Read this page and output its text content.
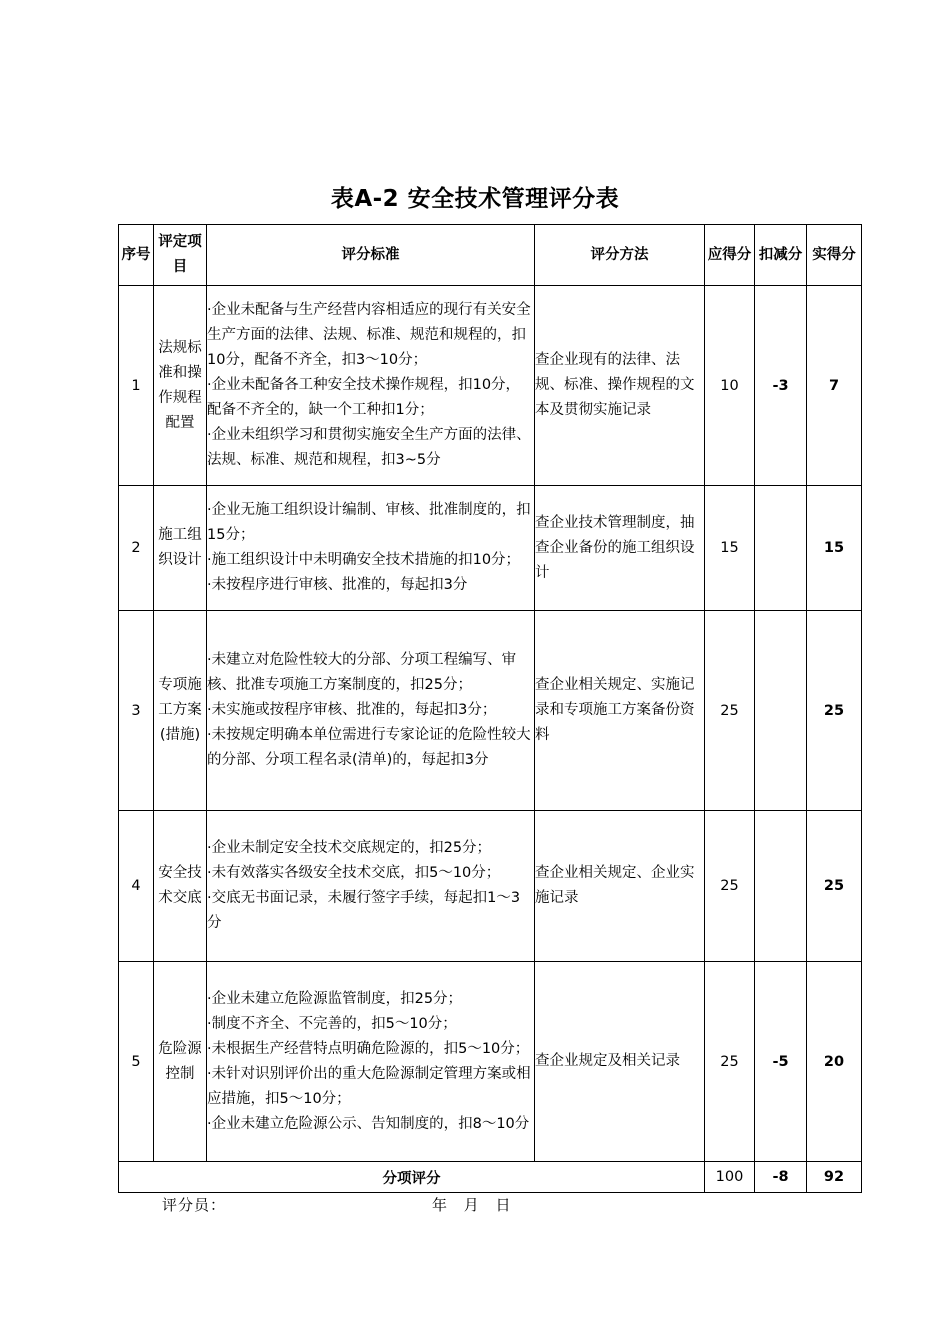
表A-2 安全技术管理评分表
序号	评定项目	评分标准	评分方法	应得分	扣减分	实得分
1	法规标准和操作规程配置	·企业未配备与生产经营内容相适应的现行有关安全生产方面的法律、法规、标准、规范和规程的，扣10分，配备不齐全，扣3～10分；
·企业未配备各工种安全技术操作规程，扣10分，配备不齐全的，缺一个工种扣1分；
·企业未组织学习和贯彻实施安全生产方面的法律、法规、标准、规范和规程，扣3~5分	查企业现有的法律、法规、标准、操作规程的文本及贯彻实施记录	10	-3	7
2	施工组织设计	·企业无施工组织设计编制、审核、批准制度的，扣15分；
·施工组织设计中未明确安全技术措施的扣10分；
·未按程序进行审核、批准的，每起扣3分	查企业技术管理制度，抽查企业备份的施工组织设计	15		15
3	专项施工方案(措施)	·未建立对危险性较大的分部、分项工程编写、审核、批准专项施工方案制度的，扣25分；
·未实施或按程序审核、批准的，每起扣3分；
·未按规定明确本单位需进行专家论证的危险性较大的分部、分项工程名录(清单)的，每起扣3分	查企业相关规定、实施记录和专项施工方案备份资料	25		25
4	安全技术交底	·企业未制定安全技术交底规定的，扣25分；
·未有效落实各级安全技术交底，扣5～10分；
·交底无书面记录，未履行签字手续，每起扣1～3分	查企业相关规定、企业实施记录	25		25
5	危险源控制	·企业未建立危险源监管制度，扣25分；
·制度不齐全、不完善的，扣5～10分；
·未根据生产经营特点明确危险源的，扣5～10分；
·未针对识别评价出的重大危险源制定管理方案或相应措施，扣5～10分；
·企业未建立危险源公示、告知制度的，扣8～10分	查企业规定及相关记录	25	-5	20
分项评分				100	-8	92
评分员：	年 月 日
